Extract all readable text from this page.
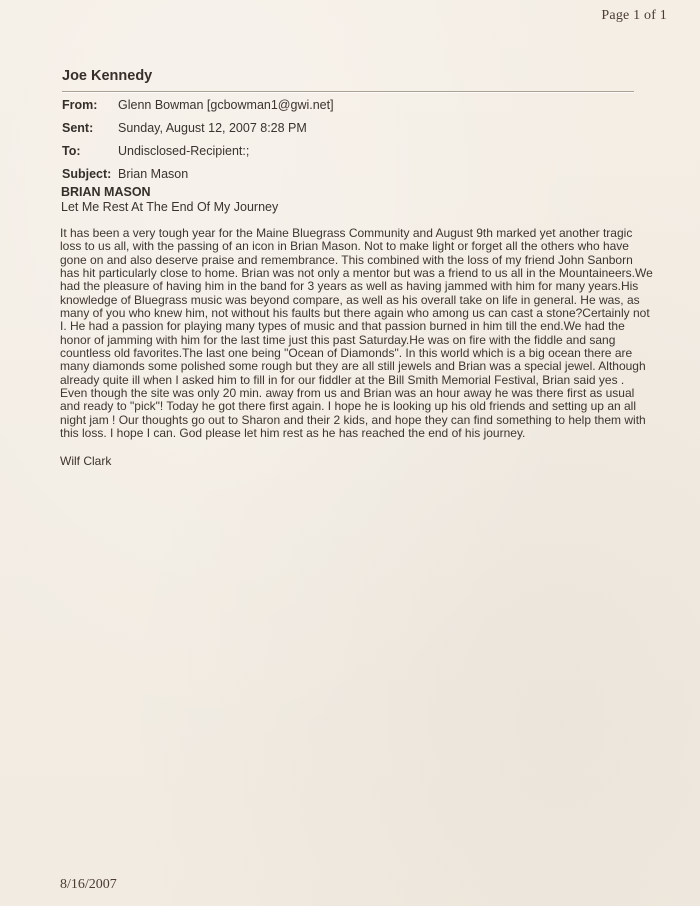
Page 1 of 1
Joe Kennedy
From:	Glenn Bowman [gcbowman1@gwi.net]
Sent:	Sunday, August 12, 2007 8:28 PM
To:	Undisclosed-Recipient:;
Subject: Brian Mason
BRIAN MASON
Let Me Rest At The End Of My Journey
It has been a very tough year for the Maine Bluegrass Community and August 9th marked yet another tragic loss to us all, with the passing of an icon in Brian Mason. Not to make light or forget all the others who have gone on and also deserve praise and remembrance. This combined with the loss of my friend John Sanborn has hit particularly close to home. Brian was not only a mentor but was a friend to us all in the Mountaineers.We had the pleasure of having him in the band for 3 years as well as having jammed with him for many years.His knowledge of Bluegrass music was beyond compare, as well as his overall take on life in general. He was, as many of you who knew him, not without his faults but there again who among us can cast a stone?Certainly not I. He had a passion for playing many types of music and that passion burned in him till the end.We had the honor of jamming with him for the last time just this past Saturday.He was on fire with the fiddle and sang countless old favorites.The last one being "Ocean of Diamonds". In this world which is a big ocean there are many diamonds some polished some rough but they are all still jewels and Brian was a special jewel. Although already quite ill when I asked him to fill in for our fiddler at the Bill Smith Memorial Festival, Brian said yes . Even though the site was only 20 min. away from us and Brian was an hour away he was there first as usual and ready to "pick"! Today he got there first again. I hope he is looking up his old friends and setting up an all night jam ! Our thoughts go out to Sharon and their 2 kids, and hope they can find something to help them with this loss. I hope I can. God please let him rest as he has reached the end of his journey.
Wilf Clark
8/16/2007
